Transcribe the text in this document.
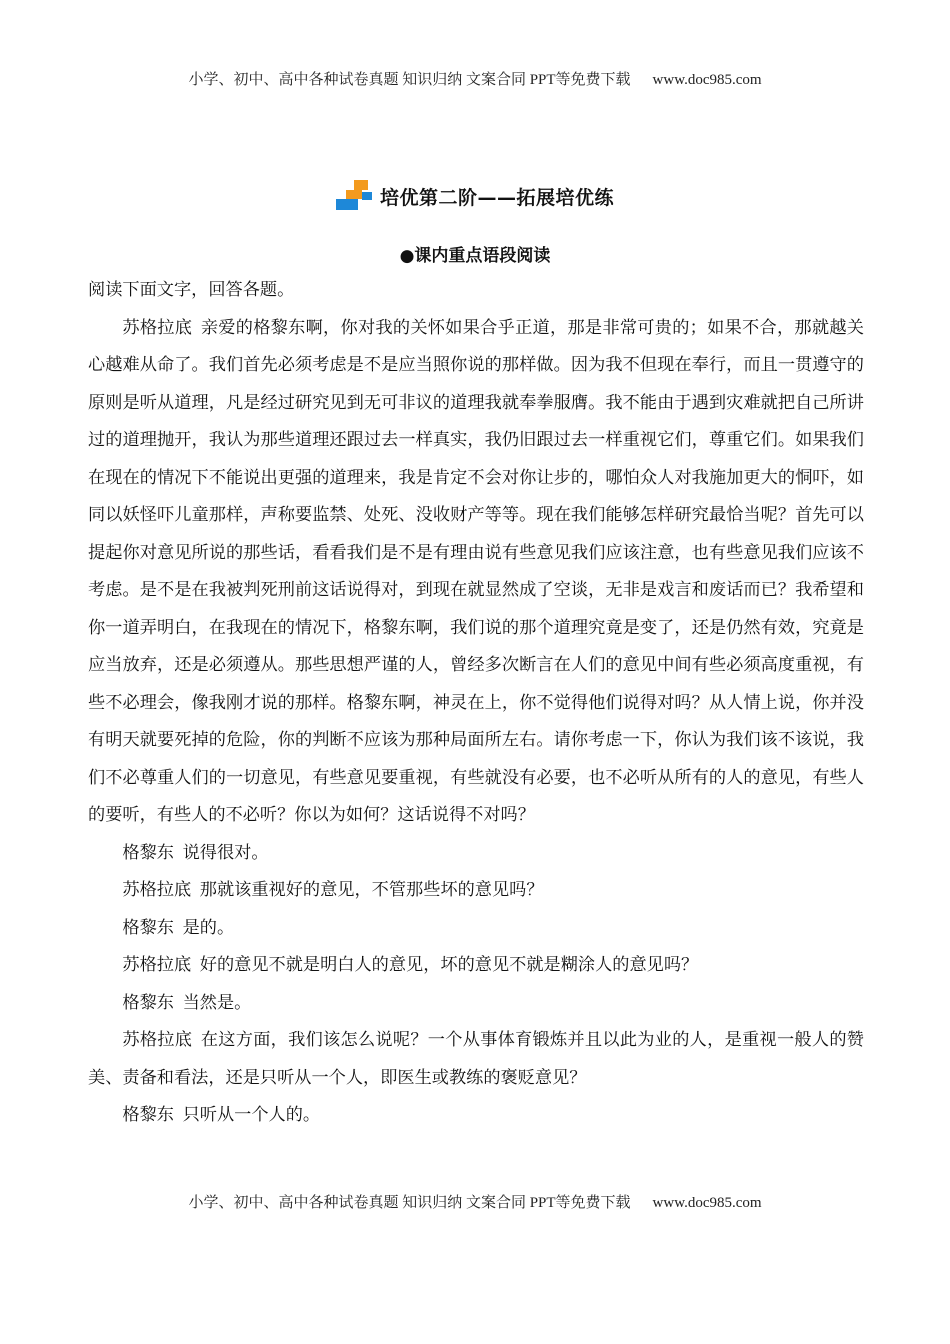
小学、初中、高中各种试卷真题 知识归纳 文案合同 PPT等免费下载 www.doc985.com
培优第二阶——拓展培优练
●课内重点语段阅读

阅读下面文字，回答各题。

苏格拉底 亲爱的格黎东啊，你对我的关怀如果合乎正道，那是非常可贵的；如果不合，那就越关心越难从命了。我们首先必须考虑是不是应当照你说的那样做。因为我不但现在奉行，而且一贯遵守的原则是听从道理，凡是经过研究见到无可非议的道理我就奉拳服膺。我不能由于遇到灾难就把自己所讲过的道理抛开，我认为那些道理还跟过去一样真实，我仍旧跟过去一样重视它们，尊重它们。如果我们在现在的情况下不能说出更强的道理来，我是肯定不会对你让步的，哪怕众人对我施加更大的恫吓，如同以妖怪吓儿童那样，声称要监禁、处死、没收财产等等。现在我们能够怎样研究最恰当呢？首先可以提起你对意见所说的那些话，看看我们是不是有理由说有些意见我们应该注意，也有些意见我们应该不考虑。是不是在我被判死刑前这话说得对，到现在就显然成了空谈，无非是戏言和废话而已？我希望和你一道弄明白，在我现在的情况下，格黎东啊，我们说的那个道理究竟是变了，还是仍然有效，究竟是应当放弃，还是必须遵从。那些思想严谨的人，曾经多次断言在人们的意见中间有些必须高度重视，有些不必理会，像我刚才说的那样。格黎东啊，神灵在上，你不觉得他们说得对吗？从人情上说，你并没有明天就要死掉的危险，你的判断不应该为那种局面所左右。请你考虑一下，你认为我们该不该说，我们不必尊重人们的一切意见，有些意见要重视，有些就没有必要，也不必听从所有的人的意见，有些人的要听，有些人的不必听？你以为如何？这话说得不对吗？

格黎东 说得很对。

苏格拉底 那就该重视好的意见，不管那些坏的意见吗？

格黎东 是的。

苏格拉底 好的意见不就是明白人的意见，坏的意见不就是糊涂人的意见吗？

格黎东 当然是。

苏格拉底 在这方面，我们该怎么说呢？一个从事体育锻炼并且以此为业的人，是重视一般人的赞美、责备和看法，还是只听从一个人，即医生或教练的褒贬意见？

格黎东 只听从一个人的。

小学、初中、高中各种试卷真题 知识归纳 文案合同 PPT等免费下载 www.doc985.com
